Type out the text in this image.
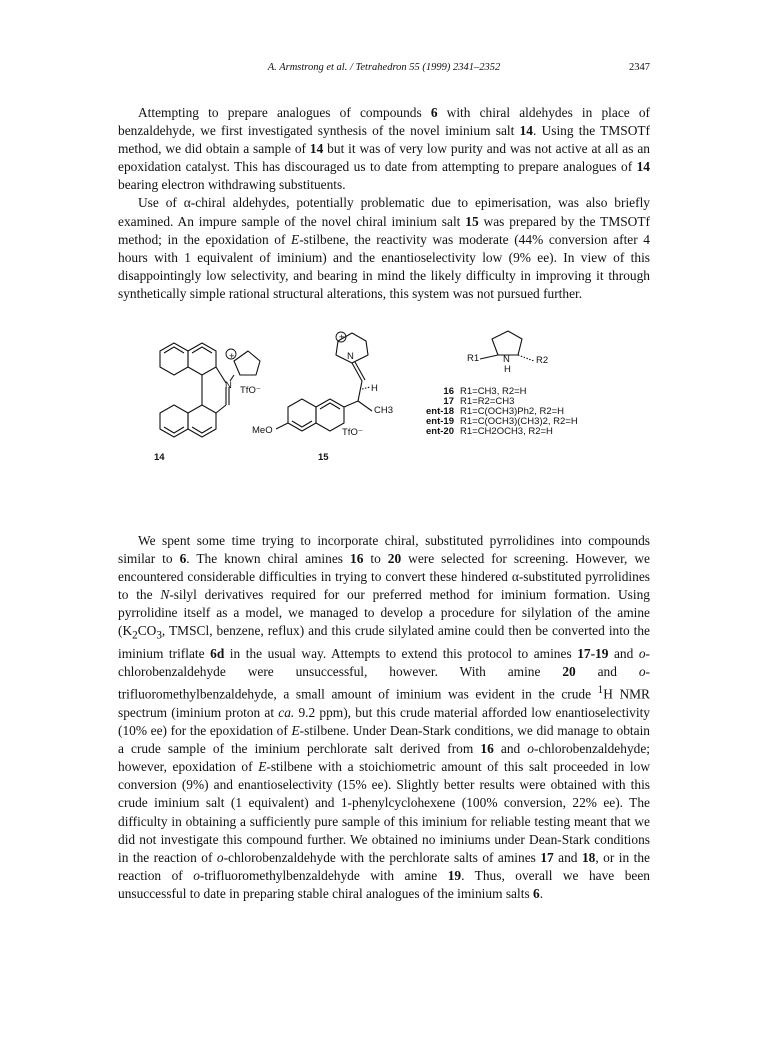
A. Armstrong et al. / Tetrahedron 55 (1999) 2341–2352	2347

Attempting to prepare analogues of compounds 6 with chiral aldehydes in place of benzaldehyde, we first investigated synthesis of the novel iminium salt 14. Using the TMSOTf method, we did obtain a sample of 14 but it was of very low purity and was not active at all as an epoxidation catalyst. This has discouraged us to date from attempting to prepare analogues of 14 bearing electron withdrawing substituents.

Use of α-chiral aldehydes, potentially problematic due to epimerisation, was also briefly examined. An impure sample of the novel chiral iminium salt 15 was prepared by the TMSOTf method; in the epoxidation of E-stilbene, the reactivity was moderate (44% conversion after 4 hours with 1 equivalent of iminium) and the enantioselectivity low (9% ee). In view of this disappointingly low selectivity, and bearing in mind the likely difficulty in improving it through synthetically simple rational structural alterations, this system was not pursued further.

+
N TfO⁻
14
+
N
H
CH3
TfO⁻
MeO
15
R1	N
H
R2
16 R1=CH3, R2=H
17 R1=R2=CH3
ent-18 R1=C(OCH3)Ph2, R2=H
ent-19 R1=C(OCH3)(CH3)2, R2=H
ent-20 R1=CH2OCH3, R2=H

We spent some time trying to incorporate chiral, substituted pyrrolidines into compounds similar to 6. The known chiral amines 16 to 20 were selected for screening. However, we encountered considerable difficulties in trying to convert these hindered α-substituted pyrrolidines to the N-silyl derivatives required for our preferred method for iminium formation. Using pyrrolidine itself as a model, we managed to develop a procedure for silylation of the amine ($K_2CO_3$, TMSCl, benzene, reflux) and this crude silylated amine could then be converted into the iminium triflate 6d in the usual way. Attempts to extend this protocol to amines 17-19 and o-chlorobenzaldehyde were unsuccessful, however. With amine 20 and o-trifluoromethylbenzaldehyde, a small amount of iminium was evident in the crude $^1$H NMR spectrum (iminium proton at ca. 9.2 ppm), but this crude material afforded low enantioselectivity (10% ee) for the epoxidation of E-stilbene. Under Dean-Stark conditions, we did manage to obtain a crude sample of the iminium perchlorate salt derived from 16 and o-chlorobenzaldehyde; however, epoxidation of E-stilbene with a stoichiometric amount of this salt proceeded in low conversion (9%) and enantioselectivity (15% ee). Slightly better results were obtained with this crude iminium salt (1 equivalent) and 1-phenylcyclohexene (100% conversion, 22% ee). The difficulty in obtaining a sufficiently pure sample of this iminium for reliable testing meant that we did not investigate this compound further. We obtained no iminiums under Dean-Stark conditions in the reaction of o-chlorobenzaldehyde with the perchlorate salts of amines 17 and 18, or in the reaction of o-trifluoromethylbenzaldehyde with amine 19. Thus, overall we have been unsuccessful to date in preparing stable chiral analogues of the iminium salts 6.
